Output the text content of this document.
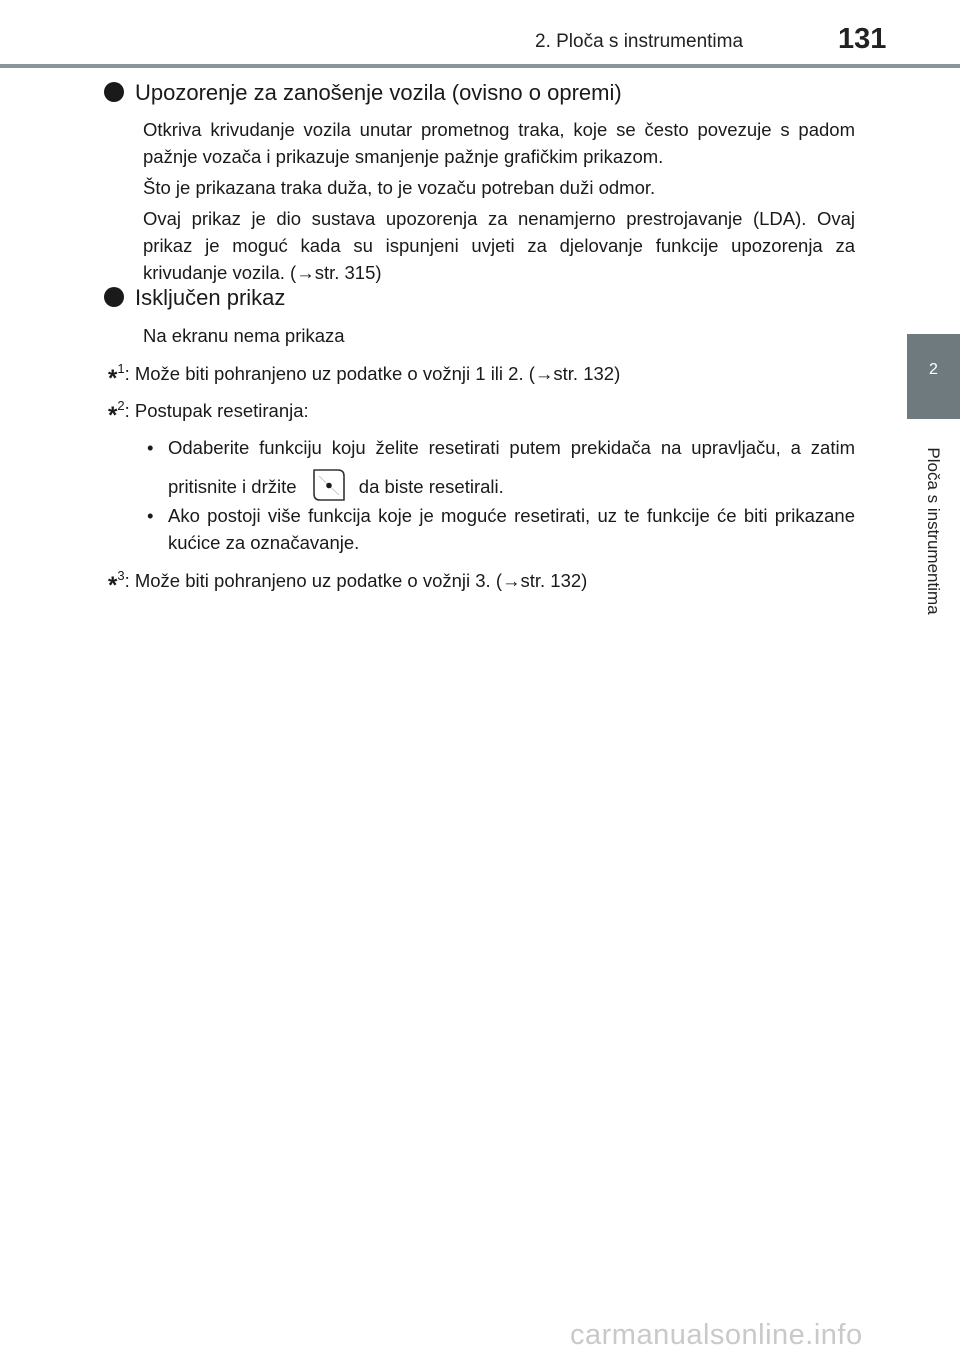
2. Ploča s instrumentima	131
2
Ploča s instrumentima
Upozorenje za zanošenje vozila (ovisno o opremi)
Otkriva krivudanje vozila unutar prometnog traka, koje se često povezuje s padom pažnje vozača i prikazuje smanjenje pažnje grafičkim prikazom.
Što je prikazana traka duža, to je vozaču potreban duži odmor.
Ovaj prikaz je dio sustava upozorenja za nenamjerno prestrojavanje (LDA). Ovaj prikaz je moguć kada su ispunjeni uvjeti za djelovanje funkcije upozorenja za krivudanje vozila. (→str. 315)
Isključen prikaz
Na ekranu nema prikaza
*$^1$: Može biti pohranjeno uz podatke o vožnji 1 ili 2. (→str. 132)
*$^2$: Postupak resetiranja:
• Odaberite funkciju koju želite resetirati putem prekidača na upravljaču, a zatim pritisnite i držite	da biste resetirali.
• Ako postoji više funkcija koje je moguće resetirati, uz te funkcije će biti prikazane kućice za označavanje.
*$^3$: Može biti pohranjeno uz podatke o vožnji 3. (→str. 132)
carmanualsonline.info
